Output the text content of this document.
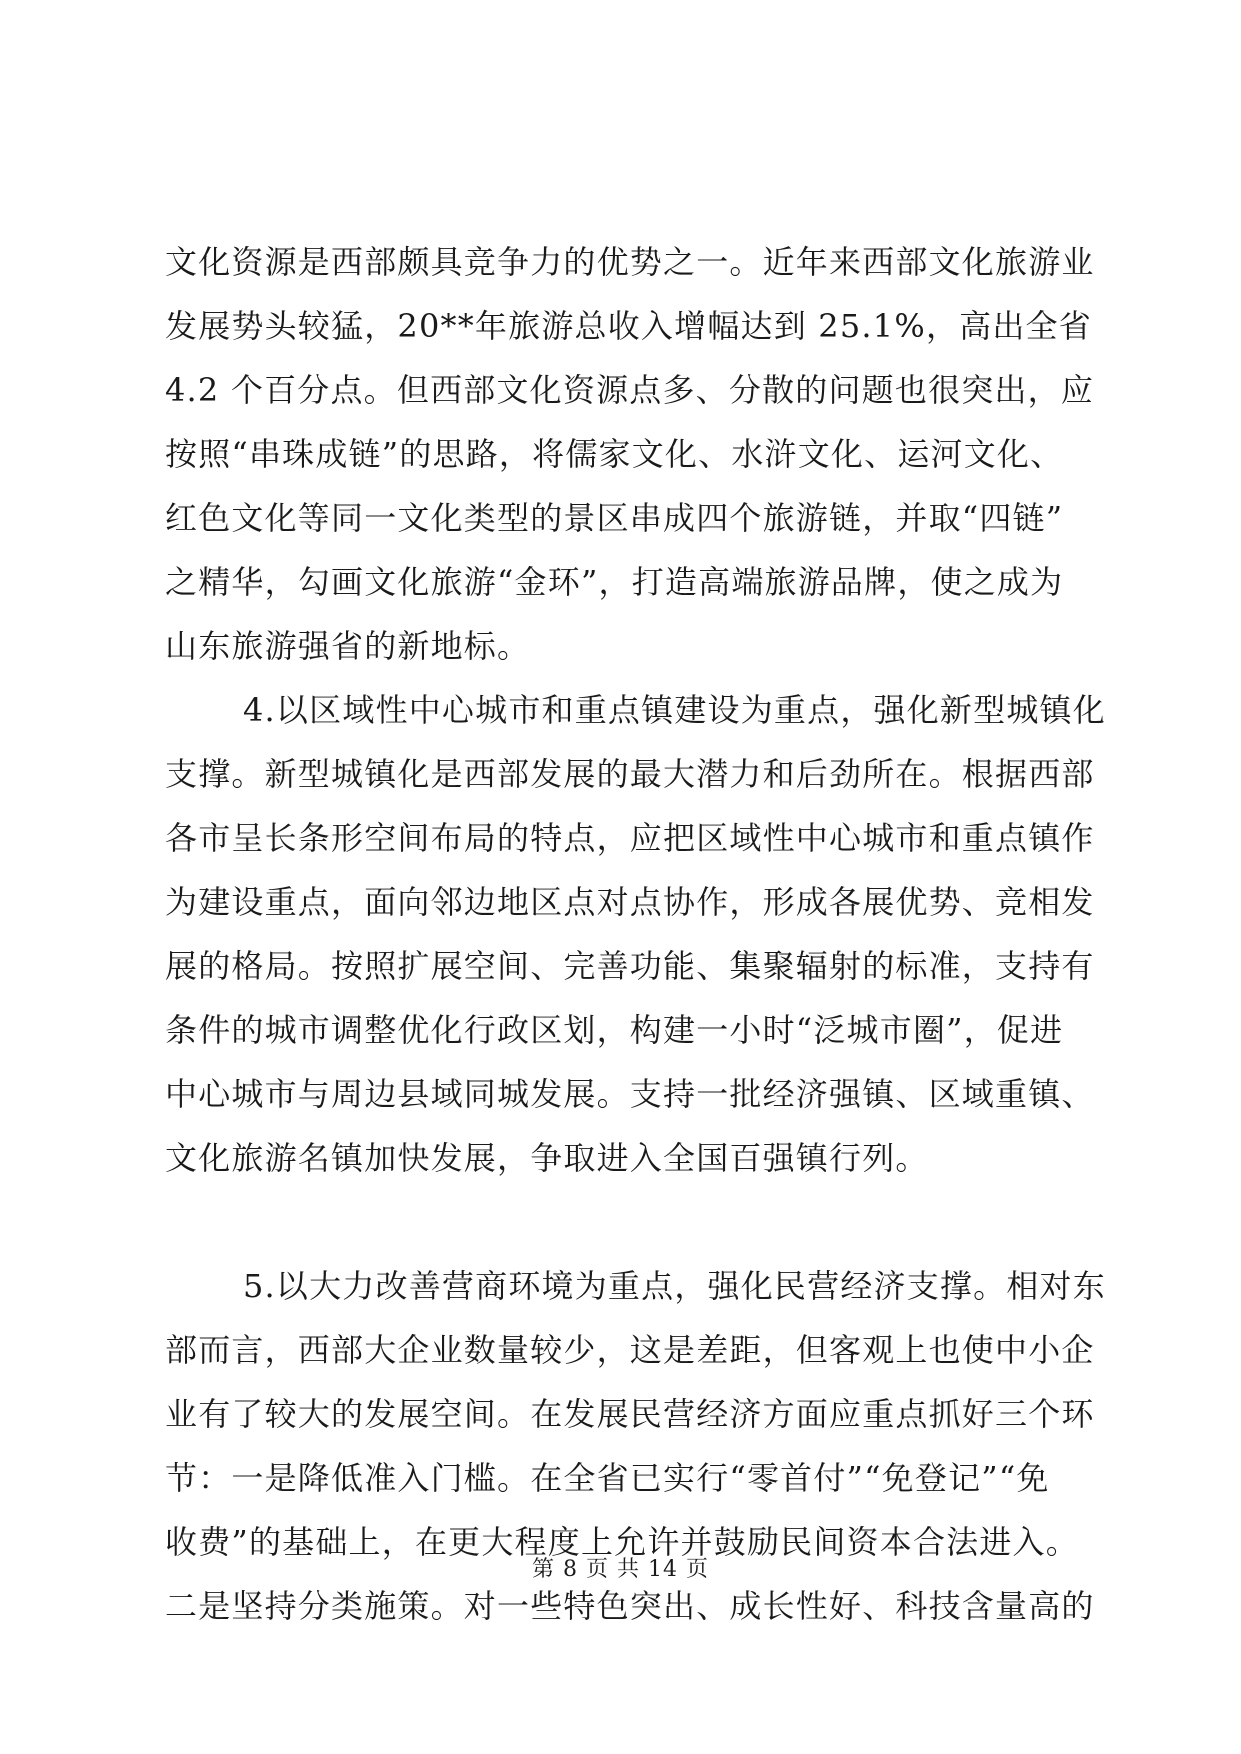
文化资源是西部颇具竞争力的优势之一。近年来西部文化旅游业
发展势头较猛，20**年旅游总收入增幅达到 25.1%，高出全省
4.2 个百分点。但西部文化资源点多、分散的问题也很突出，应
按照“串珠成链”的思路，将儒家文化、水浒文化、运河文化、
红色文化等同一文化类型的景区串成四个旅游链，并取“四链”
之精华，勾画文化旅游“金环”，打造高端旅游品牌，使之成为
山东旅游强省的新地标。
4.以区域性中心城市和重点镇建设为重点，强化新型城镇化
支撑。新型城镇化是西部发展的最大潜力和后劲所在。根据西部
各市呈长条形空间布局的特点，应把区域性中心城市和重点镇作
为建设重点，面向邻边地区点对点协作，形成各展优势、竞相发
展的格局。按照扩展空间、完善功能、集聚辐射的标准，支持有
条件的城市调整优化行政区划，构建一小时“泛城市圈”，促进
中心城市与周边县域同城发展。支持一批经济强镇、区域重镇、
文化旅游名镇加快发展，争取进入全国百强镇行列。
5.以大力改善营商环境为重点，强化民营经济支撑。相对东
部而言，西部大企业数量较少，这是差距，但客观上也使中小企
业有了较大的发展空间。在发展民营经济方面应重点抓好三个环
节：一是降低准入门槛。在全省已实行“零首付”“免登记”“免
收费”的基础上，在更大程度上允许并鼓励民间资本合法进入。
二是坚持分类施策。对一些特色突出、成长性好、科技含量高的
第 8 页 共 14 页
